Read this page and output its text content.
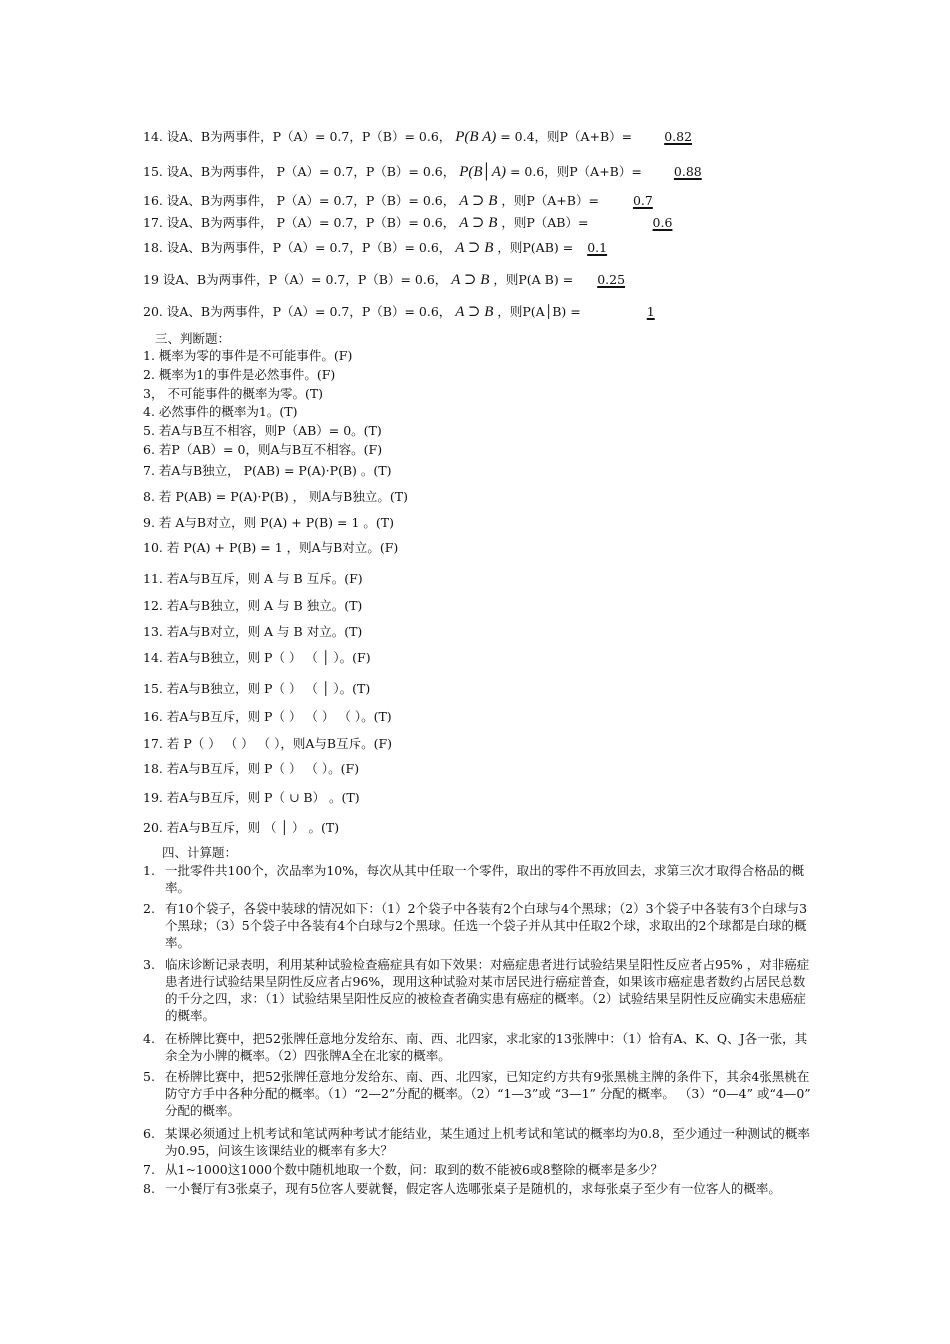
14. 设A、B为两事件，P（A）= 0.7，P（B）= 0.6， P(B A) = 0.4，则P（A+B）=	0.82
15. 设A、B为两事件， P（A）= 0.7，P（B）= 0.6， P(B│A) = 0.6，则P（A+B）=	0.88
16. 设A、B为两事件， P（A）= 0.7，P（B）= 0.6， A ⊃ B ，则P（A+B）=	0.7
17. 设A、B为两事件， P（A）= 0.7，P（B）= 0.6， A ⊃ B ，则P（AB）=	0.6
18. 设A、B为两事件，P（A）= 0.7，P（B）= 0.6， A ⊃ B ，则P(AB) = 0.1
19 设A、B为两事件，P（A）= 0.7，P（B）= 0.6， A ⊃ B ，则P(A B) = 0.25
20. 设A、B为两事件，P（A）= 0.7，P（B）= 0.6， A ⊃ B ，则P(A│B) =	1
三、判断题：
1. 概率为零的事件是不可能事件。(F)
2. 概率为1的事件是必然事件。(F)
3， 不可能事件的概率为零。(T)
4. 必然事件的概率为1。(T)
5. 若A与B互不相容，则P（AB）= 0。(T)
6. 若P（AB）= 0，则A与B互不相容。(F)
7. 若A与B独立， P(AB) = P(A)·P(B) 。(T)
8. 若 P(AB) = P(A)·P(B) ， 则A与B独立。(T)
9. 若 A与B对立，则 P(A) + P(B) = 1 。(T)
10. 若 P(A) + P(B) = 1 ，则A与B对立。(F)
11. 若A与B互斥，则 A 与 B 互斥。(F)
12. 若A与B独立，则 A 与 B 独立。(T)
13. 若A与B对立，则 A 与 B 对立。(T)
14. 若A与B独立，则 P（ ） （ │ ）。(F)
15. 若A与B独立，则 P（ ） （ │ ）。(T)
16. 若A与B互斥，则 P（ ） （ ） （ ）。(T)
17. 若 P（ ） （ ） （ ），则A与B互斥。(F)
18. 若A与B互斥，则 P（ ） （ ）。(F)
19. 若A与B互斥，则 P（ ∪ B） 。(T)
20. 若A与B互斥，则 （ │ ） 。(T)
四、计算题：
1. 一批零件共100个，次品率为10%，每次从其中任取一个零件，取出的零件不再放回去，求第三次才取得合格品的概率。
2. 有10个袋子，各袋中装球的情况如下：（1）2个袋子中各装有2个白球与4个黑球；（2）3个袋子中各装有3个白球与3个黑球；（3）5个袋子中各装有4个白球与2个黑球。任选一个袋子并从其中任取2个球，求取出的2个球都是白球的概率。
3. 临床诊断记录表明，利用某种试验检查癌症具有如下效果：对癌症患者进行试验结果呈阳性反应者占95% ，对非癌症患者进行试验结果呈阴性反应者占96%，现用这种试验对某市居民进行癌症普查，如果该市癌症患者数约占居民总数的千分之四，求：（1）试验结果呈阳性反应的被检查者确实患有癌症的概率。（2）试验结果呈阴性反应确实未患癌症的概率。
4. 在桥牌比赛中，把52张牌任意地分发给东、南、西、北四家，求北家的13张牌中：（1）恰有A、K、Q、J各一张，其余全为小牌的概率。（2）四张牌A全在北家的概率。
5. 在桥牌比赛中，把52张牌任意地分发给东、南、西、北四家，已知定约方共有9张黑桃主牌的条件下，其余4张黑桃在防守方手中各种分配的概率。（1）“2—2”分配的概率。（2）“1—3”或 “3—1” 分配的概率。 （3）“0—4” 或“4—0” 分配的概率。
6. 某课必须通过上机考试和笔试两种考试才能结业，某生通过上机考试和笔试的概率均为0.8，至少通过一种测试的概率为0.95，问该生该课结业的概率有多大？
7. 从1~1000这1000个数中随机地取一个数，问：取到的数不能被6或8整除的概率是多少？
8. 一小餐厅有3张桌子，现有5位客人要就餐，假定客人选哪张桌子是随机的，求每张桌子至少有一位客人的概率。
